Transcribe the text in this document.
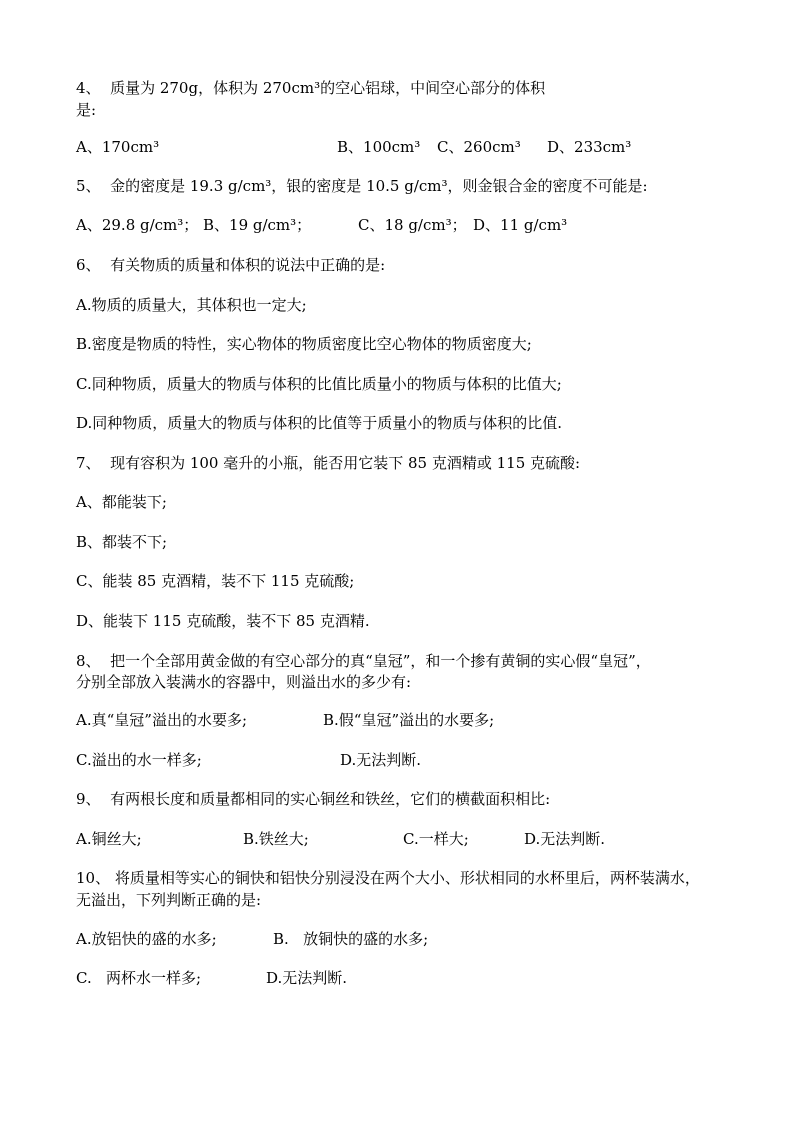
4、  质量为 270g，体积为 270cm³的空心铝球，中间空心部分的体积
是:
A、170cm³	B、100cm³ C、260cm³ D、233cm³
5、  金的密度是 19.3 g/cm³，银的密度是 10.5 g/cm³，则金银合金的密度不可能是:
A、29.8 g/cm³； B、19 g/cm³；	C、18 g/cm³； D、11 g/cm³
6、  有关物质的质量和体积的说法中正确的是:
A.物质的质量大，其体积也一定大;
B.密度是物质的特性，实心物体的物质密度比空心物体的物质密度大;
C.同种物质，质量大的物质与体积的比值比质量小的物质与体积的比值大;
D.同种物质，质量大的物质与体积的比值等于质量小的物质与体积的比值.
7、  现有容积为 100 毫升的小瓶，能否用它装下 85 克酒精或 115 克硫酸:
A、都能装下;
B、都装不下;
C、能装 85 克酒精，装不下 115 克硫酸;
D、能装下 115 克硫酸，装不下 85 克酒精.
8、  把一个全部用黄金做的有空心部分的真“皇冠”，和一个掺有黄铜的实心假“皇冠”，
分别全部放入装满水的容器中，则溢出水的多少有:
A.真“皇冠”溢出的水要多;	B.假“皇冠”溢出的水要多;
C.溢出的水一样多;	D.无法判断.
9、  有两根长度和质量都相同的实心铜丝和铁丝，它们的横截面积相比:
A.铜丝大;	B.铁丝大;	C.一样大;	D.无法判断.
10、 将质量相等实心的铜快和铝快分别浸没在两个大小、形状相同的水杯里后，两杯装满水，
无溢出，下列判断正确的是:
A.放铝快的盛的水多;	B.   放铜快的盛的水多;
C.   两杯水一样多;	D.无法判断.
